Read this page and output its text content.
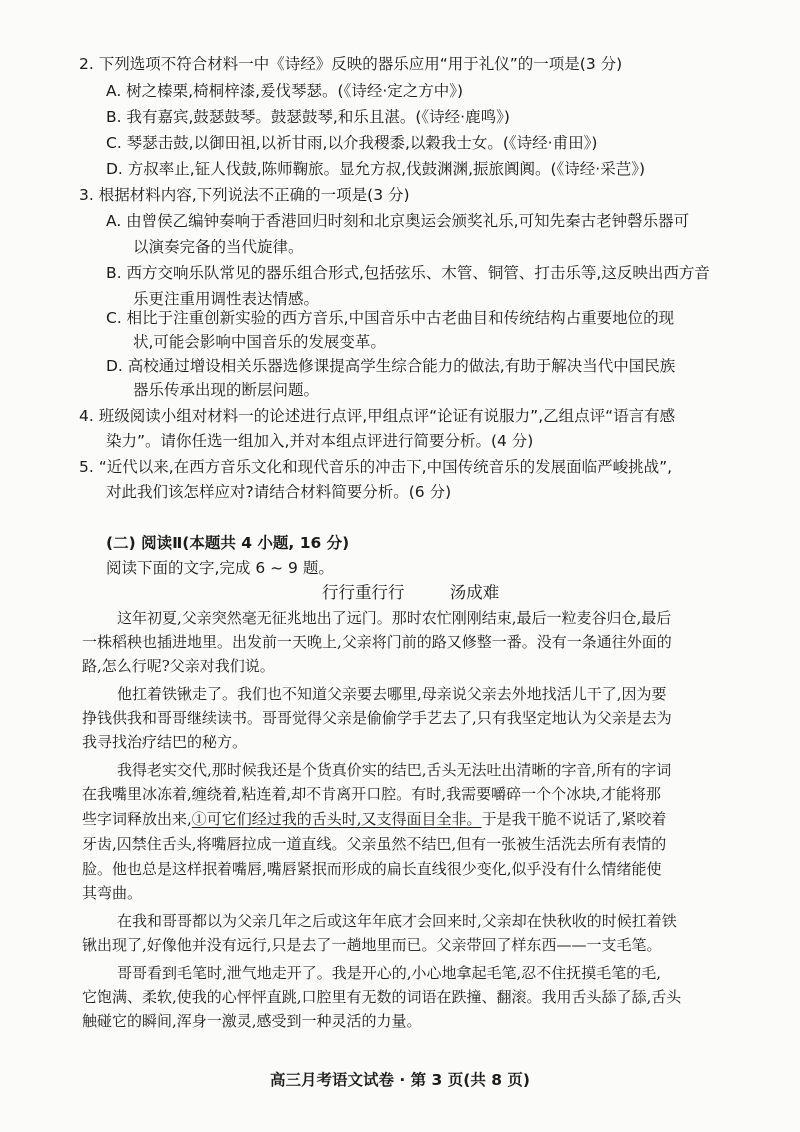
2. 下列选项不符合材料一中《诗经》反映的器乐应用“用于礼仪”的一项是(3 分)
A. 树之榛栗,椅桐梓漆,爰伐琴瑟。(《诗经·定之方中》)
B. 我有嘉宾,鼓瑟鼓琴。鼓瑟鼓琴,和乐且湛。(《诗经·鹿鸣》)
C. 琴瑟击鼓,以御田祖,以祈甘雨,以介我稷黍,以穀我士女。(《诗经·甫田》)
D. 方叔率止,钲人伐鼓,陈师鞠旅。显允方叔,伐鼓渊渊,振旅阗阗。(《诗经·采芑》)
3. 根据材料内容,下列说法不正确的一项是(3 分)
A. 由曾侯乙编钟奏响于香港回归时刻和北京奥运会颁奖礼乐,可知先秦古老钟磬乐器可
以演奏完备的当代旋律。
B. 西方交响乐队常见的器乐组合形式,包括弦乐、木管、铜管、打击乐等,这反映出西方音
乐更注重用调性表达情感。
C. 相比于注重创新实验的西方音乐,中国音乐中古老曲目和传统结构占重要地位的现
状,可能会影响中国音乐的发展变革。
D. 高校通过增设相关乐器选修课提高学生综合能力的做法,有助于解决当代中国民族
器乐传承出现的断层问题。
4. 班级阅读小组对材料一的论述进行点评,甲组点评“论证有说服力”,乙组点评“语言有感
染力”。请你任选一组加入,并对本组点评进行简要分析。(4 分)
5. “近代以来,在西方音乐文化和现代音乐的冲击下,中国传统音乐的发展面临严峻挑战”,
对此我们该怎样应对?请结合材料简要分析。(6 分)
(二) 阅读Ⅱ(本题共 4 小题, 16 分)
阅读下面的文字,完成 6 ~ 9 题。
行行重行行	汤成难
这年初夏,父亲突然毫无征兆地出了远门。那时农忙刚刚结束,最后一粒麦谷归仓,最后
一株稻秧也插进地里。出发前一天晚上,父亲将门前的路又修整一番。没有一条通往外面的
路,怎么行呢?父亲对我们说。
他扛着铁锹走了。我们也不知道父亲要去哪里,母亲说父亲去外地找活儿干了,因为要
挣钱供我和哥哥继续读书。哥哥觉得父亲是偷偷学手艺去了,只有我坚定地认为父亲是去为
我寻找治疗结巴的秘方。
我得老实交代,那时候我还是个货真价实的结巴,舌头无法吐出清晰的字音,所有的字词
在我嘴里冰冻着,缠绕着,粘连着,却不肯离开口腔。有时,我需要嚼碎一个个冰块,才能将那
些字词释放出来,①可它们经过我的舌头时,又支得面目全非。于是我干脆不说话了,紧咬着
牙齿,囚禁住舌头,将嘴唇拉成一道直线。父亲虽然不结巴,但有一张被生活洗去所有表情的
脸。他也总是这样抿着嘴唇,嘴唇紧抿而形成的扁长直线很少变化,似乎没有什么情绪能使
其弯曲。
在我和哥哥都以为父亲几年之后或这年年底才会回来时,父亲却在快秋收的时候扛着铁
锹出现了,好像他并没有远行,只是去了一趟地里而已。父亲带回了样东西——一支毛笔。
哥哥看到毛笔时,泄气地走开了。我是开心的,小心地拿起毛笔,忍不住抚摸毛笔的毛,
它饱满、柔软,使我的心怦怦直跳,口腔里有无数的词语在跌撞、翻滚。我用舌头舔了舔,舌头
触碰它的瞬间,浑身一激灵,感受到一种灵活的力量。
高三月考语文试卷 · 第 3 页(共 8 页)
